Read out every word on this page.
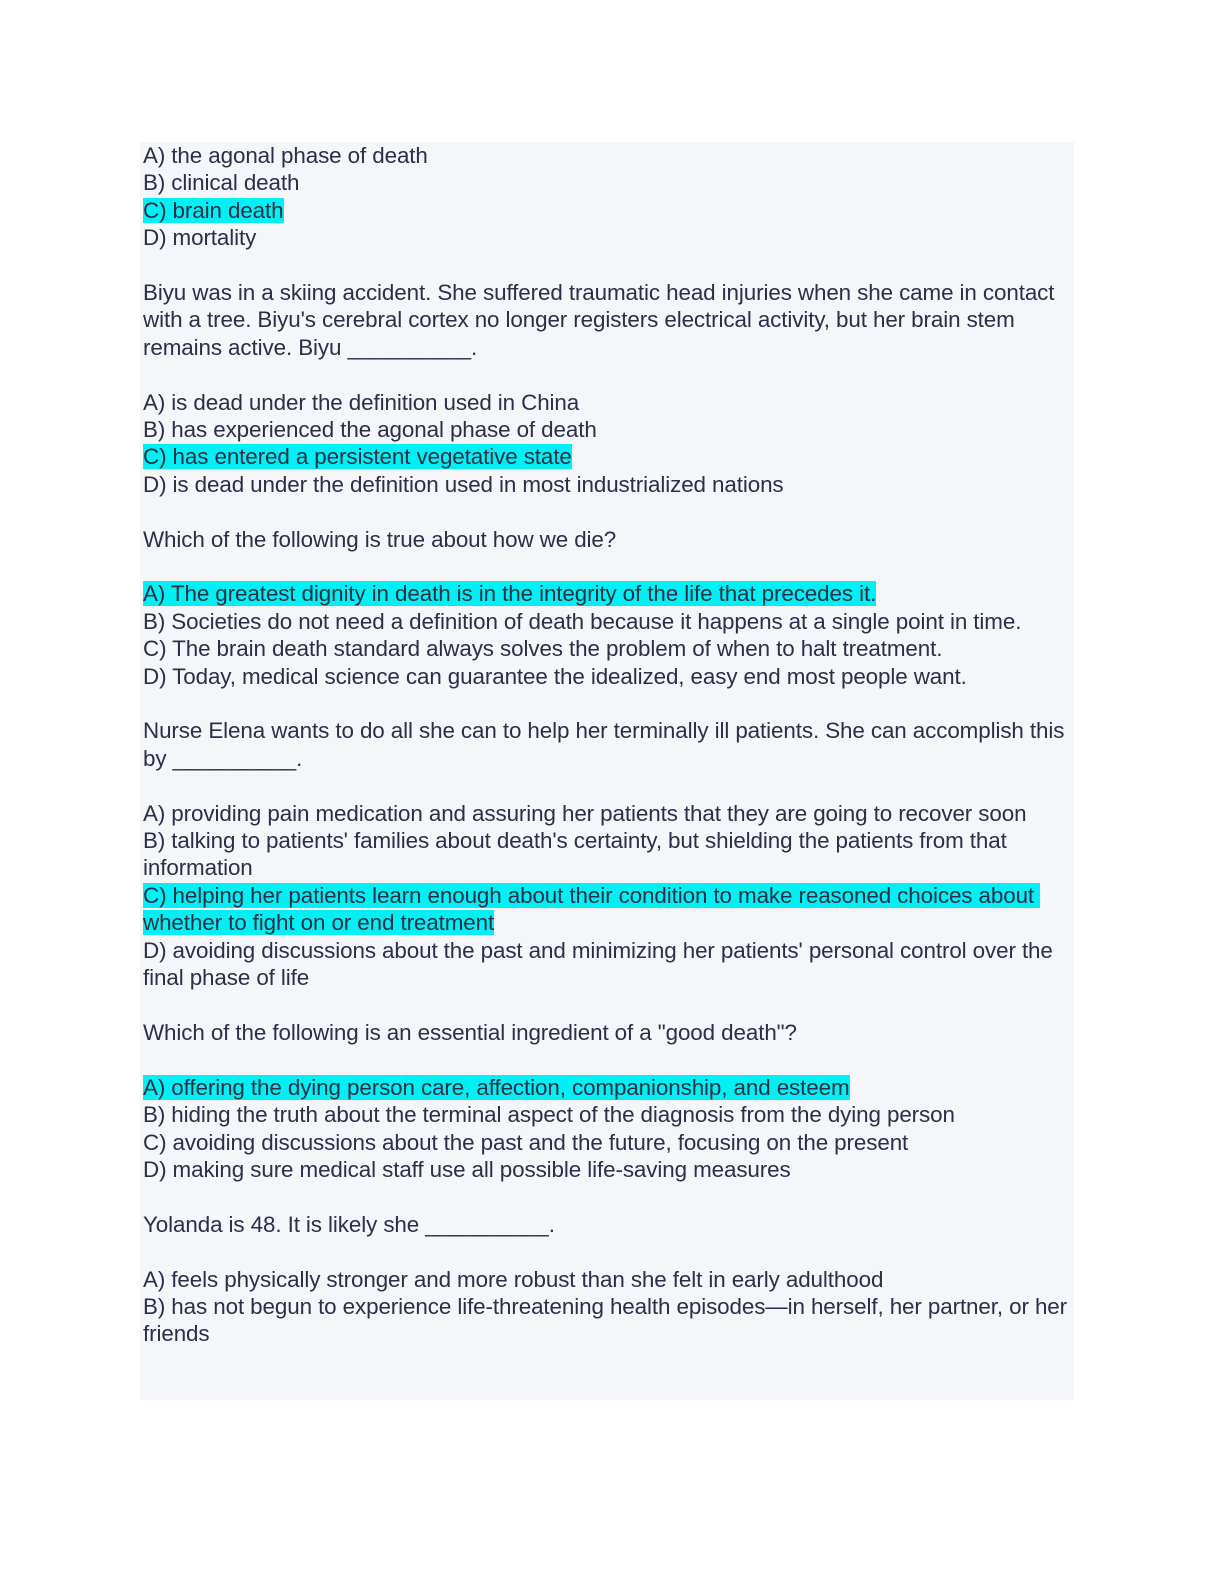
A) the agonal phase of death
B) clinical death
C) brain death
D) mortality
Biyu was in a skiing accident. She suffered traumatic head injuries when she came in contact with a tree. Biyu's cerebral cortex no longer registers electrical activity, but her brain stem remains active. Biyu __________.
A) is dead under the definition used in China
B) has experienced the agonal phase of death
C) has entered a persistent vegetative state
D) is dead under the definition used in most industrialized nations
Which of the following is true about how we die?
A) The greatest dignity in death is in the integrity of the life that precedes it.
B) Societies do not need a definition of death because it happens at a single point in time.
C) The brain death standard always solves the problem of when to halt treatment.
D) Today, medical science can guarantee the idealized, easy end most people want.
Nurse Elena wants to do all she can to help her terminally ill patients. She can accomplish this by __________.
A) providing pain medication and assuring her patients that they are going to recover soon
B) talking to patients' families about death's certainty, but shielding the patients from that information
C) helping her patients learn enough about their condition to make reasoned choices about whether to fight on or end treatment
D) avoiding discussions about the past and minimizing her patients' personal control over the final phase of life
Which of the following is an essential ingredient of a "good death"?
A) offering the dying person care, affection, companionship, and esteem
B) hiding the truth about the terminal aspect of the diagnosis from the dying person
C) avoiding discussions about the past and the future, focusing on the present
D) making sure medical staff use all possible life-saving measures
Yolanda is 48. It is likely she __________.
A) feels physically stronger and more robust than she felt in early adulthood
B) has not begun to experience life-threatening health episodes—in herself, her partner, or her friends
